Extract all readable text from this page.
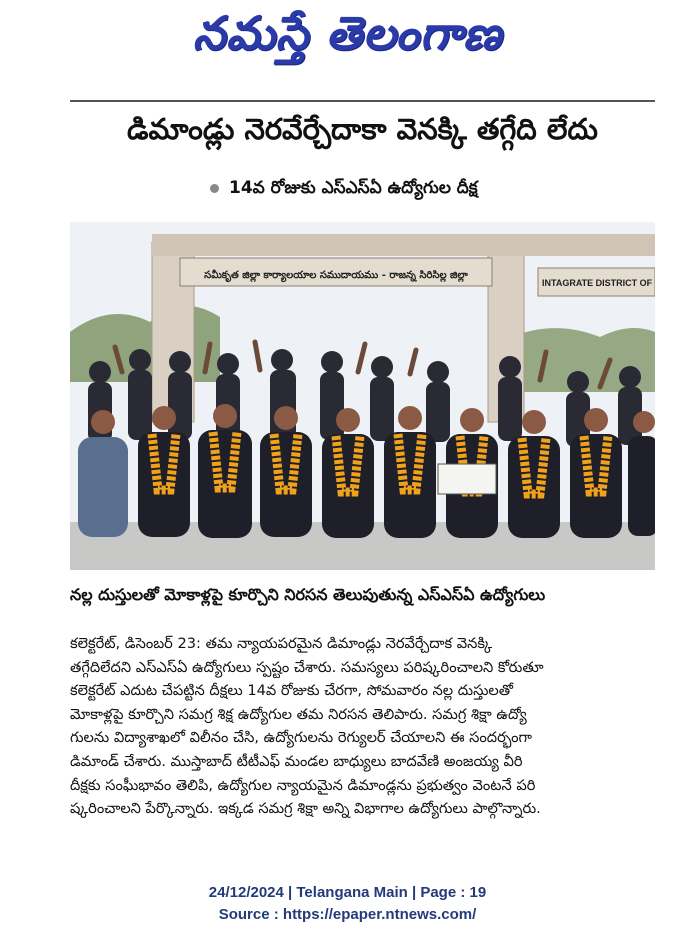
నమస్తే తెలంగాణ
డిమాండ్లు నెరవేర్చేదాకా వెనక్కి తగ్గేది లేదు
14వ రోజుకు ఎస్ఎస్ఏ ఉద్యోగుల దీక్ష
సమీకృత జిల్లా కార్యాలయాల సముదాయము - రాజన్న సిరిసిల్ల జిల్లా
INTAGRATE DISTRICT OF
నల్ల దుస్తులతో మోకాళ్లపై కూర్చొని నిరసన తెలుపుతున్న ఎస్ఎస్ఏ ఉద్యోగులు

కలెక్టరేట్, డిసెంబర్ 23: తమ న్యాయపరమైన డిమాండ్లు నెరవేర్చేదాక వెనక్కి

తగ్గేదిలేదని ఎస్ఎస్ఏ ఉద్యోగులు స్పష్టం చేశారు. సమస్యలు పరిష్కరించాలని కోరుతూ

కలెక్టరేట్ ఎదుట చేపట్టిన దీక్షలు 14వ రోజుకు చేరగా, సోమవారం నల్ల దుస్తులతో

మోకాళ్లపై కూర్చొని సమగ్ర శిక్ష ఉద్యోగుల తమ నిరసన తెలిపారు. సమగ్ర శిక్షా ఉద్యో

గులను విద్యాశాఖలో విలీనం చేసి, ఉద్యోగులను రెగ్యులర్ చేయాలని ఈ సందర్భంగా

డిమాండ్ చేశారు. ముస్తాబాద్ టీటీఎఫ్ మండల బాధ్యులు బాదవేణి అంజయ్య వీరి

దీక్షకు సంఘీభావం తెలిపి, ఉద్యోగుల న్యాయమైన డిమాండ్లను ప్రభుత్వం వెంటనే పరి

ష్కరించాలని పేర్కొన్నారు. ఇక్కడ సమగ్ర శిక్షా అన్ని విభాగాల ఉద్యోగులు పాల్గొన్నారు.

24/12/2024 | Telangana Main | Page : 19
Source : https://epaper.ntnews.com/
